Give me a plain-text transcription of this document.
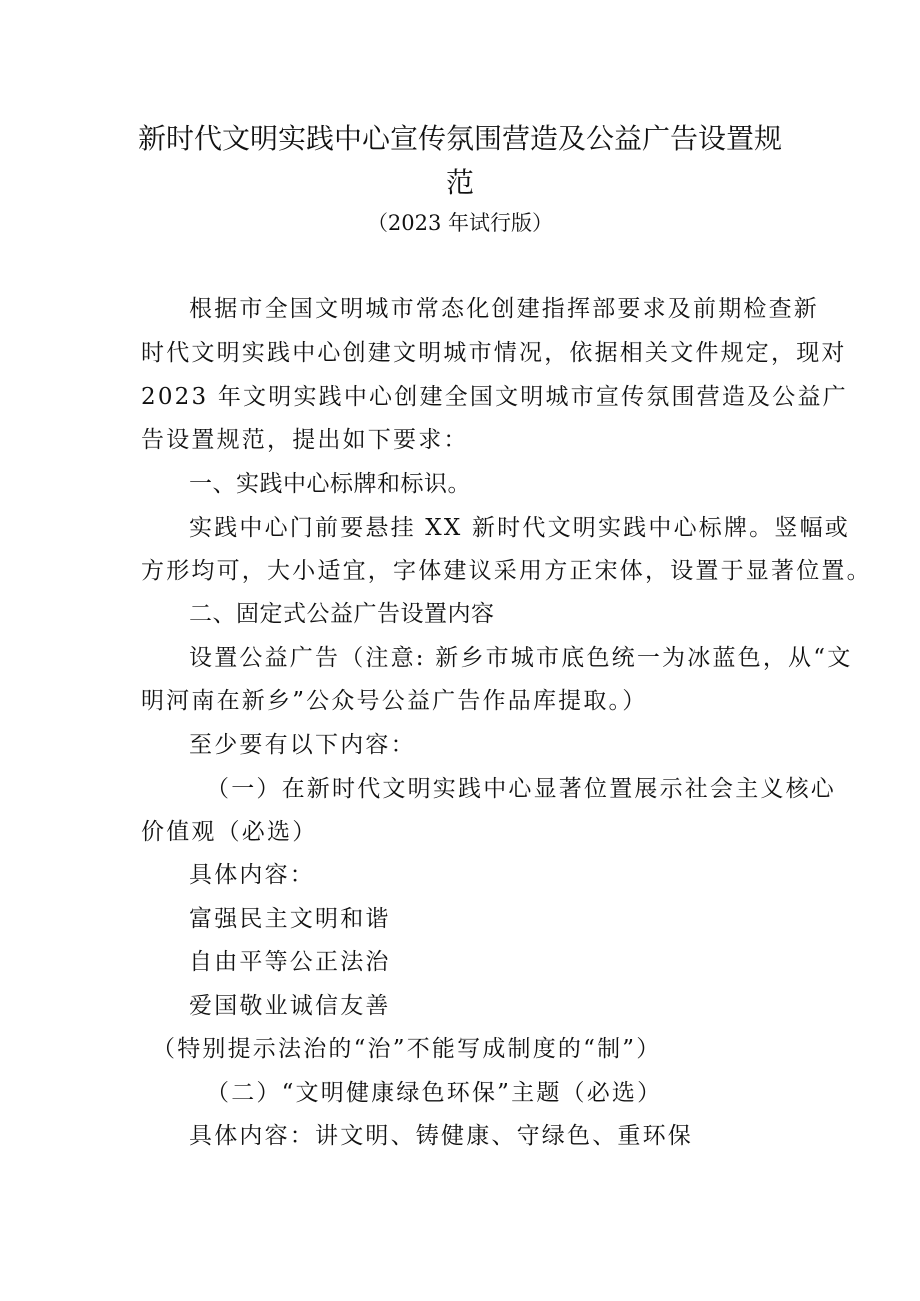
新时代文明实践中心宣传氛围营造及公益广告设置规
范
（2023 年试行版）
根据市全国文明城市常态化创建指挥部要求及前期检查新
时代文明实践中心创建文明城市情况，依据相关文件规定，现对
2023 年文明实践中心创建全国文明城市宣传氛围营造及公益广
告设置规范，提出如下要求：
一、实践中心标牌和标识。
实践中心门前要悬挂 XX 新时代文明实践中心标牌。竖幅或
方形均可，大小适宜，字体建议采用方正宋体，设置于显著位置。
二、固定式公益广告设置内容
设置公益广告（注意: 新乡市城市底色统一为冰蓝色，从“文
明河南在新乡”公众号公益广告作品库提取。）
至少要有以下内容：
（一）在新时代文明实践中心显著位置展示社会主义核心
价值观（必选）
具体内容：
富强民主文明和谐
自由平等公正法治
爱国敬业诚信友善
（特别提示法治的“治”不能写成制度的“制”）
（二）“文明健康绿色环保”主题（必选）
具体内容：讲文明、铸健康、守绿色、重环保
